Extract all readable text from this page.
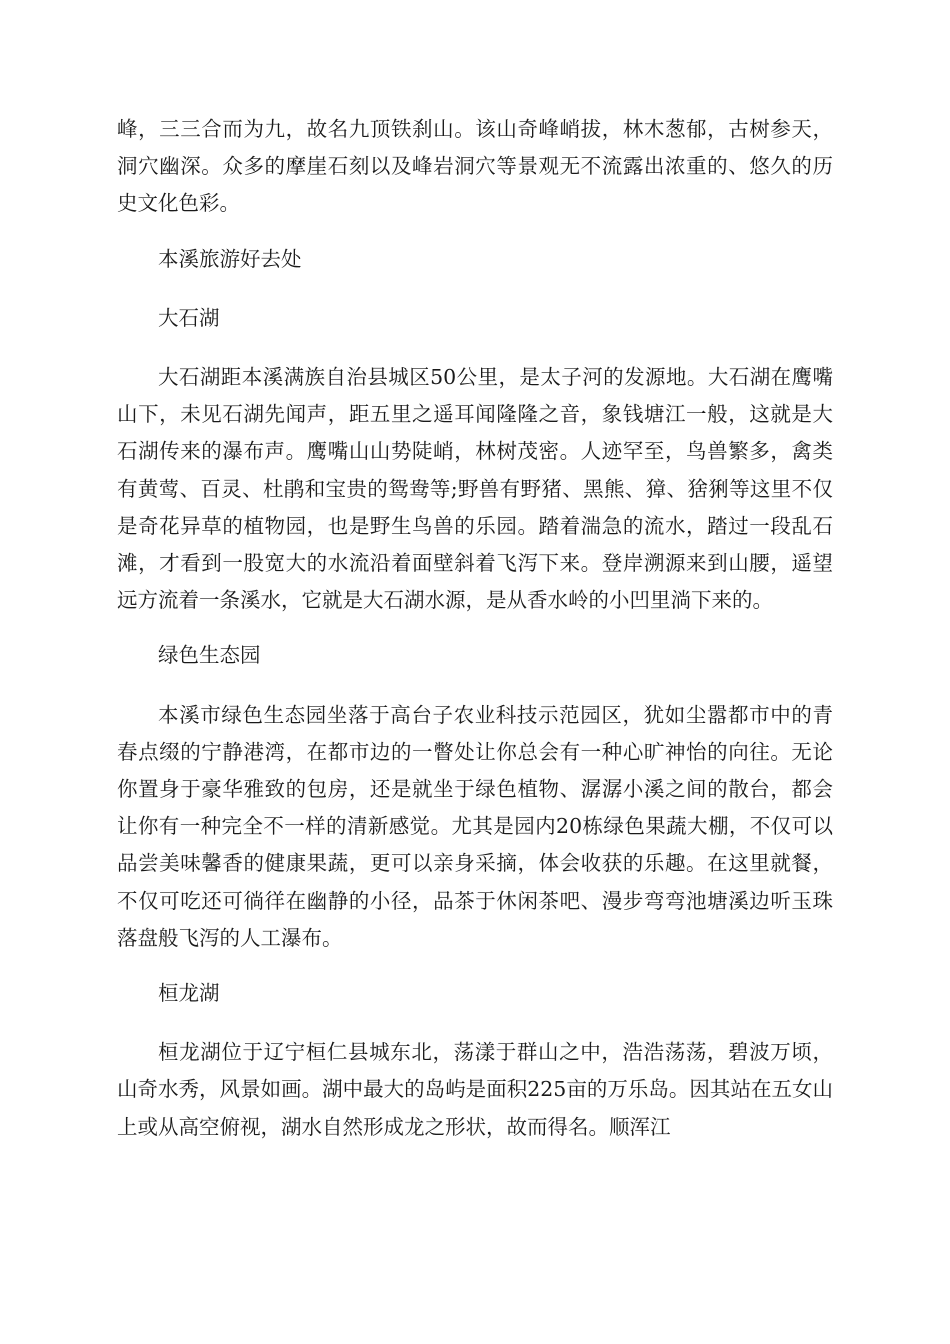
峰，三三合而为九，故名九顶铁刹山。该山奇峰峭拔，林木葱郁，古树参天，洞穴幽深。众多的摩崖石刻以及峰岩洞穴等景观无不流露出浓重的、悠久的历史文化色彩。

本溪旅游好去处

大石湖

大石湖距本溪满族自治县城区50公里，是太子河的发源地。大石湖在鹰嘴山下，未见石湖先闻声，距五里之遥耳闻隆隆之音，象钱塘江一般，这就是大石湖传来的瀑布声。鹰嘴山山势陡峭，林树茂密。人迹罕至，鸟兽繁多，禽类有黄莺、百灵、杜鹃和宝贵的鸳鸯等;野兽有野猪、黑熊、獐、猞猁等这里不仅是奇花异草的植物园，也是野生鸟兽的乐园。踏着湍急的流水，踏过一段乱石滩，才看到一股宽大的水流沿着面壁斜着飞泻下来。登岸溯源来到山腰，遥望远方流着一条溪水，它就是大石湖水源，是从香水岭的小凹里淌下来的。

绿色生态园

本溪市绿色生态园坐落于高台子农业科技示范园区，犹如尘嚣都市中的青春点缀的宁静港湾，在都市边的一瞥处让你总会有一种心旷神怡的向往。无论你置身于豪华雅致的包房，还是就坐于绿色植物、潺潺小溪之间的散台，都会让你有一种完全不一样的清新感觉。尤其是园内20栋绿色果蔬大棚，不仅可以品尝美味馨香的健康果蔬，更可以亲身采摘，体会收获的乐趣。在这里就餐，不仅可吃还可徜徉在幽静的小径，品茶于休闲茶吧、漫步弯弯池塘溪边听玉珠落盘般飞泻的人工瀑布。

桓龙湖

桓龙湖位于辽宁桓仁县城东北，荡漾于群山之中，浩浩荡荡，碧波万顷，山奇水秀，风景如画。湖中最大的岛屿是面积225亩的万乐岛。因其站在五女山上或从高空俯视，湖水自然形成龙之形状，故而得名。顺浑江
